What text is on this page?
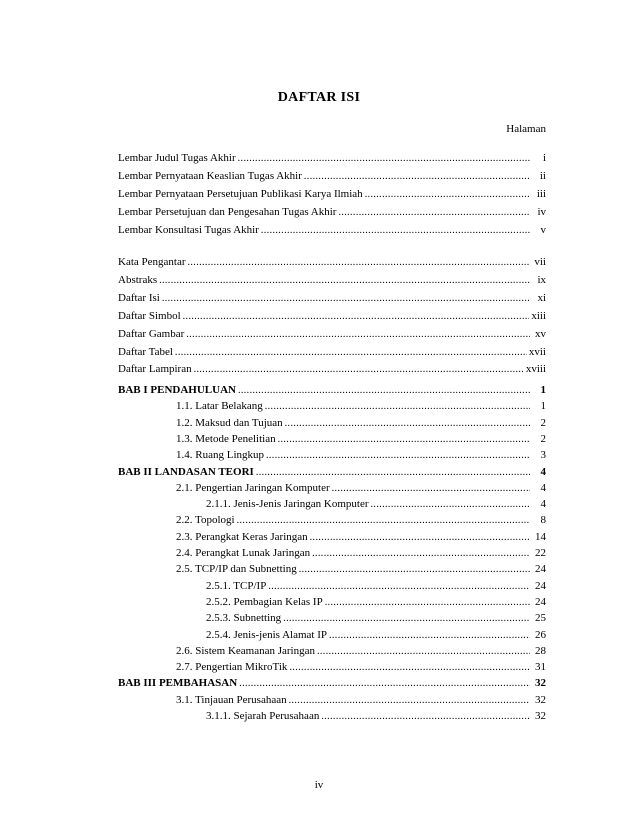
DAFTAR ISI
Halaman
Lembar Judul Tugas Akhir .....	i
Lembar Pernyataan Keaslian Tugas Akhir .....	ii
Lembar Pernyataan Persetujuan Publikasi Karya Ilmiah .....	iii
Lembar Persetujuan dan Pengesahan Tugas Akhir .....	iv
Lembar Konsultasi Tugas Akhir .....	v
Kata Pengantar .....	vii
Abstraks .....	ix
Daftar Isi .....	xi
Daftar Simbol .....	xiii
Daftar Gambar .....	xv
Daftar Tabel .....	xvii
Daftar Lampiran .....	xviii
BAB I PENDAHULUAN .....	1
1.1. Latar Belakang .....	1
1.2. Maksud dan Tujuan .....	2
1.3. Metode Penelitian .....	2
1.4. Ruang Lingkup .....	3
BAB II LANDASAN TEORI .....	4
2.1. Pengertian Jaringan Komputer .....	4
2.1.1. Jenis-Jenis Jaringan Komputer .....	4
2.2. Topologi .....	8
2.3. Perangkat Keras Jaringan .....	14
2.4. Perangkat Lunak Jaringan .....	22
2.5. TCP/IP dan Subnetting .....	24
2.5.1. TCP/IP .....	24
2.5.2. Pembagian Kelas IP .....	24
2.5.3. Subnetting .....	25
2.5.4. Jenis-jenis Alamat IP .....	26
2.6. Sistem Keamanan Jaringan .....	28
2.7. Pengertian MikroTik .....	31
BAB III PEMBAHASAN .....	32
3.1. Tinjauan Perusahaan .....	32
3.1.1. Sejarah Perusahaan .....	32
iv
